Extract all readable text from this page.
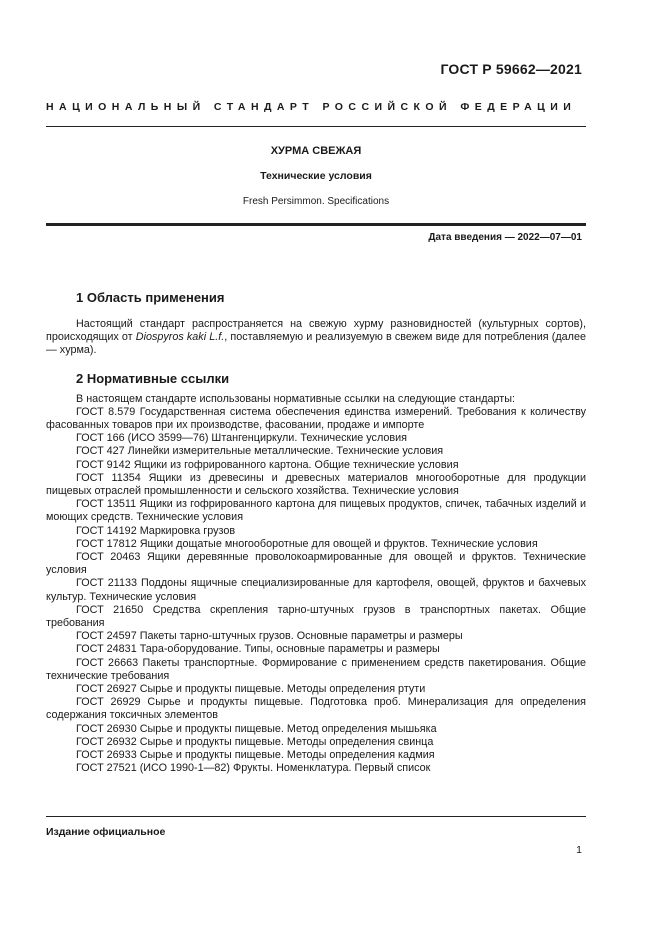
ГОСТ Р 59662—2021
НАЦИОНАЛЬНЫЙ СТАНДАРТ РОССИЙСКОЙ ФЕДЕРАЦИИ
ХУРМА СВЕЖАЯ
Технические условия
Fresh Persimmon. Specifications
Дата введения — 2022—07—01
1 Область применения

Настоящий стандарт распространяется на свежую хурму разновидностей (культурных сортов), происходящих от Diospyros kaki L.f., поставляемую и реализуемую в свежем виде для потребления (далее — хурма).

2 Нормативные ссылки

В настоящем стандарте использованы нормативные ссылки на следующие стандарты:

ГОСТ 8.579 Государственная система обеспечения единства измерений. Требования к количеству фасованных товаров при их производстве, фасовании, продаже и импорте

ГОСТ 166 (ИСО 3599—76) Штангенциркули. Технические условия

ГОСТ 427 Линейки измерительные металлические. Технические условия

ГОСТ 9142 Ящики из гофрированного картона. Общие технические условия

ГОСТ 11354 Ящики из древесины и древесных материалов многооборотные для продукции пищевых отраслей промышленности и сельского хозяйства. Технические условия

ГОСТ 13511 Ящики из гофрированного картона для пищевых продуктов, спичек, табачных изделий и моющих средств. Технические условия

ГОСТ 14192 Маркировка грузов

ГОСТ 17812 Ящики дощатые многооборотные для овощей и фруктов. Технические условия

ГОСТ 20463 Ящики деревянные проволокоармированные для овощей и фруктов. Технические условия

ГОСТ 21133 Поддоны ящичные специализированные для картофеля, овощей, фруктов и бахчевых культур. Технические условия

ГОСТ 21650 Средства скрепления тарно-штучных грузов в транспортных пакетах. Общие требования

ГОСТ 24597 Пакеты тарно-штучных грузов. Основные параметры и размеры

ГОСТ 24831 Тара-оборудование. Типы, основные параметры и размеры

ГОСТ 26663 Пакеты транспортные. Формирование с применением средств пакетирования. Общие технические требования

ГОСТ 26927 Сырье и продукты пищевые. Методы определения ртути

ГОСТ 26929 Сырье и продукты пищевые. Подготовка проб. Минерализация для определения содержания токсичных элементов

ГОСТ 26930 Сырье и продукты пищевые. Метод определения мышьяка

ГОСТ 26932 Сырье и продукты пищевые. Методы определения свинца

ГОСТ 26933 Сырье и продукты пищевые. Методы определения кадмия

ГОСТ 27521 (ИСО 1990-1—82) Фрукты. Номенклатура. Первый список

Издание официальное
1
